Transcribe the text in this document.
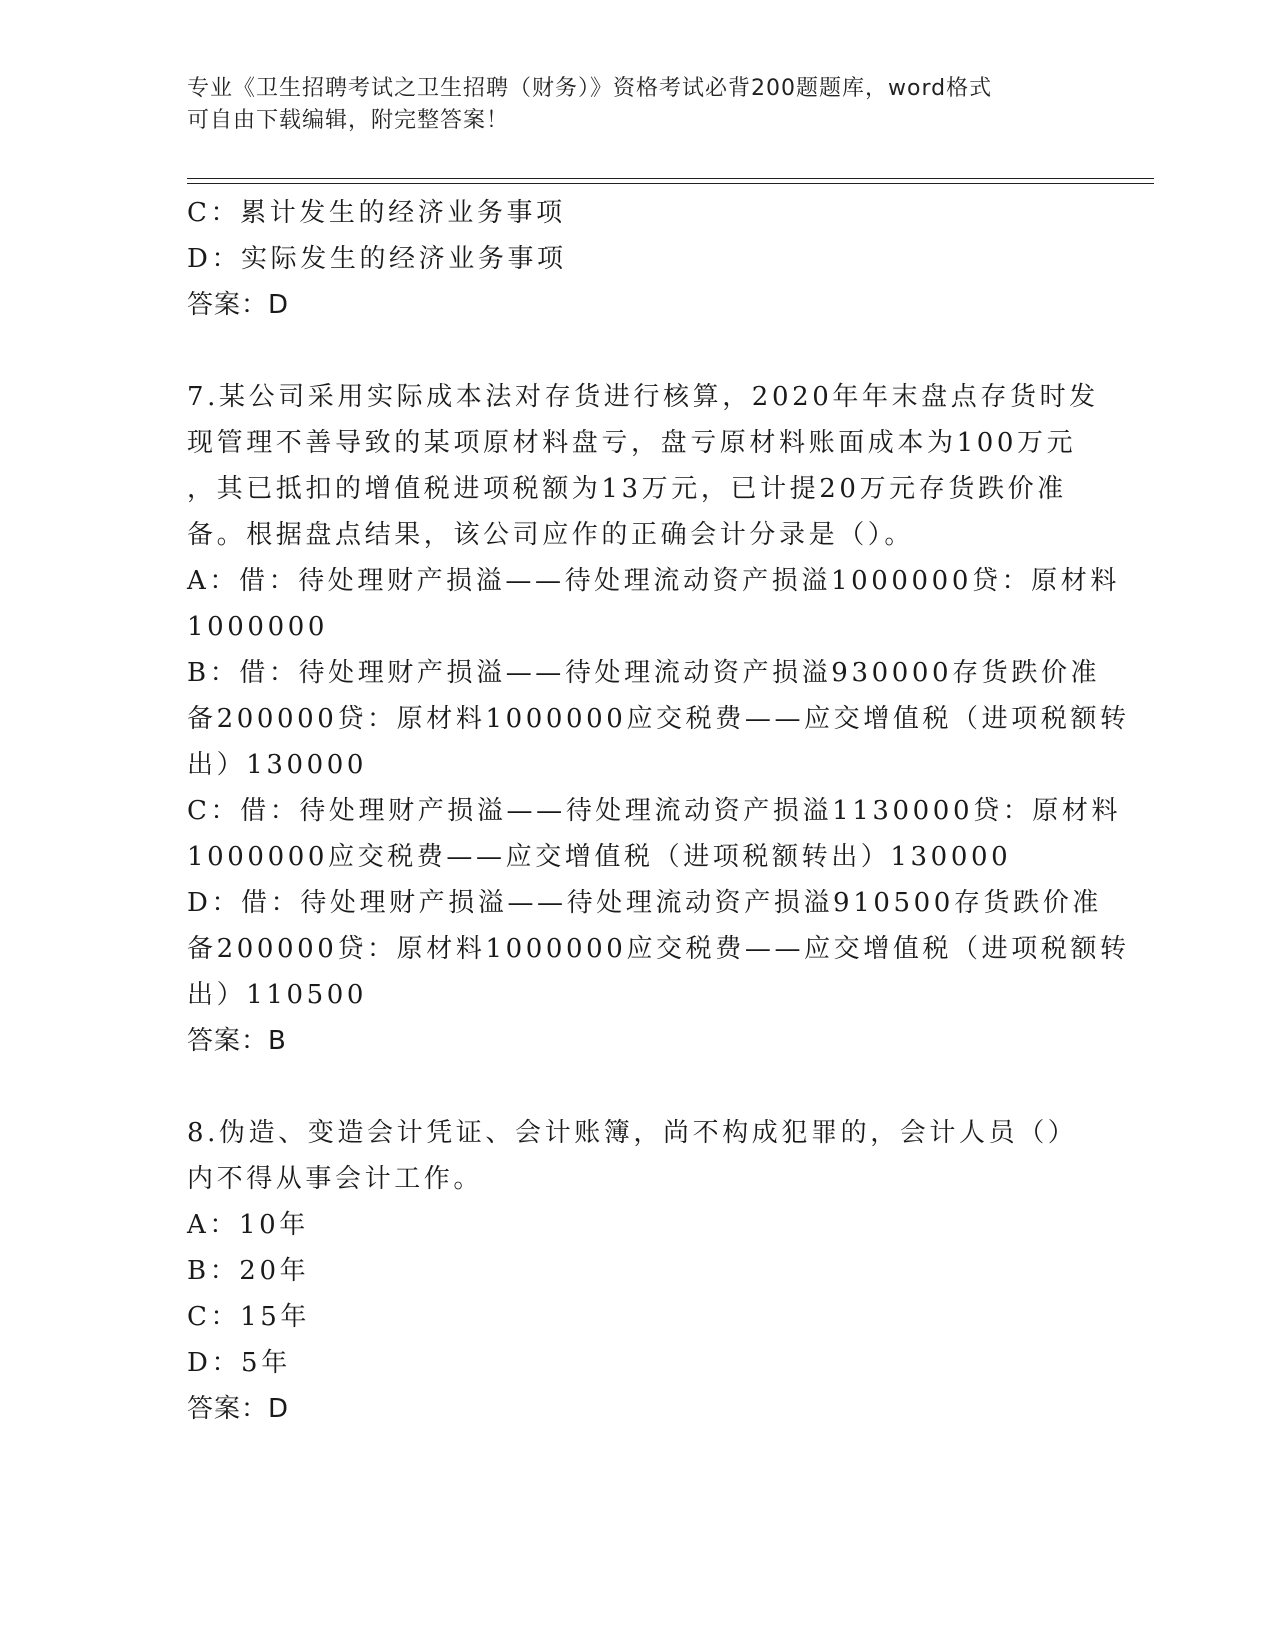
专业《卫生招聘考试之卫生招聘（财务）》资格考试必背200题题库，word格式
可自由下载编辑，附完整答案！
C：累计发生的经济业务事项
D：实际发生的经济业务事项
答案：D
7.某公司采用实际成本法对存货进行核算，2020年年末盘点存货时发
现管理不善导致的某项原材料盘亏，盘亏原材料账面成本为100万元
，其已抵扣的增值税进项税额为13万元，已计提20万元存货跌价准
备。根据盘点结果，该公司应作的正确会计分录是（）。
A：借：待处理财产损溢——待处理流动资产损溢1000000贷：原材料
1000000
B：借：待处理财产损溢——待处理流动资产损溢930000存货跌价准
备200000贷：原材料1000000应交税费——应交增值税（进项税额转
出）130000
C：借：待处理财产损溢——待处理流动资产损溢1130000贷：原材料
1000000应交税费——应交增值税（进项税额转出）130000
D：借：待处理财产损溢——待处理流动资产损溢910500存货跌价准
备200000贷：原材料1000000应交税费——应交增值税（进项税额转
出）110500
答案：B
8.伪造、变造会计凭证、会计账簿，尚不构成犯罪的，会计人员（）
内不得从事会计工作。
A：10年
B：20年
C：15年
D：5年
答案：D
